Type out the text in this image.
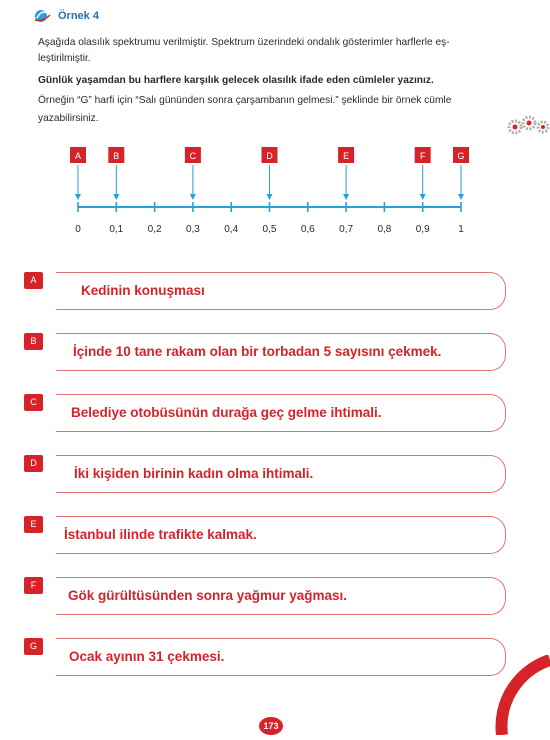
Örnek 4
Aşağıda olasılık spektrumu verilmiştir. Spektrum üzerindeki ondalık gösterimler harflerle eş-
leştirilmiştir.
Günlük yaşamdan bu harflere karşılık gelecek olasılık ifade eden cümleler yazınız.
Örneğin “G” harfi için “Salı gününden sonra çarşambanın gelmesi.” şeklinde bir örnek cümle
yazabilirsiniz.
0	0,1 0,2 0,3 0,4 0,5 0,6 0,7 0,8 0,9	1
A	B	C	D	E	F	G
A
Kedinin konuşması
B
İçinde 10 tane rakam olan bir torbadan 5 sayısını çekmek.
C
Belediye otobüsünün durağa geç gelme ihtimali.
D
İki kişiden birinin kadın olma ihtimali.
E
İstanbul ilinde trafikte kalmak.
F
Gök gürültüsünden sonra yağmur yağması.
G
Ocak ayının 31 çekmesi.
173
